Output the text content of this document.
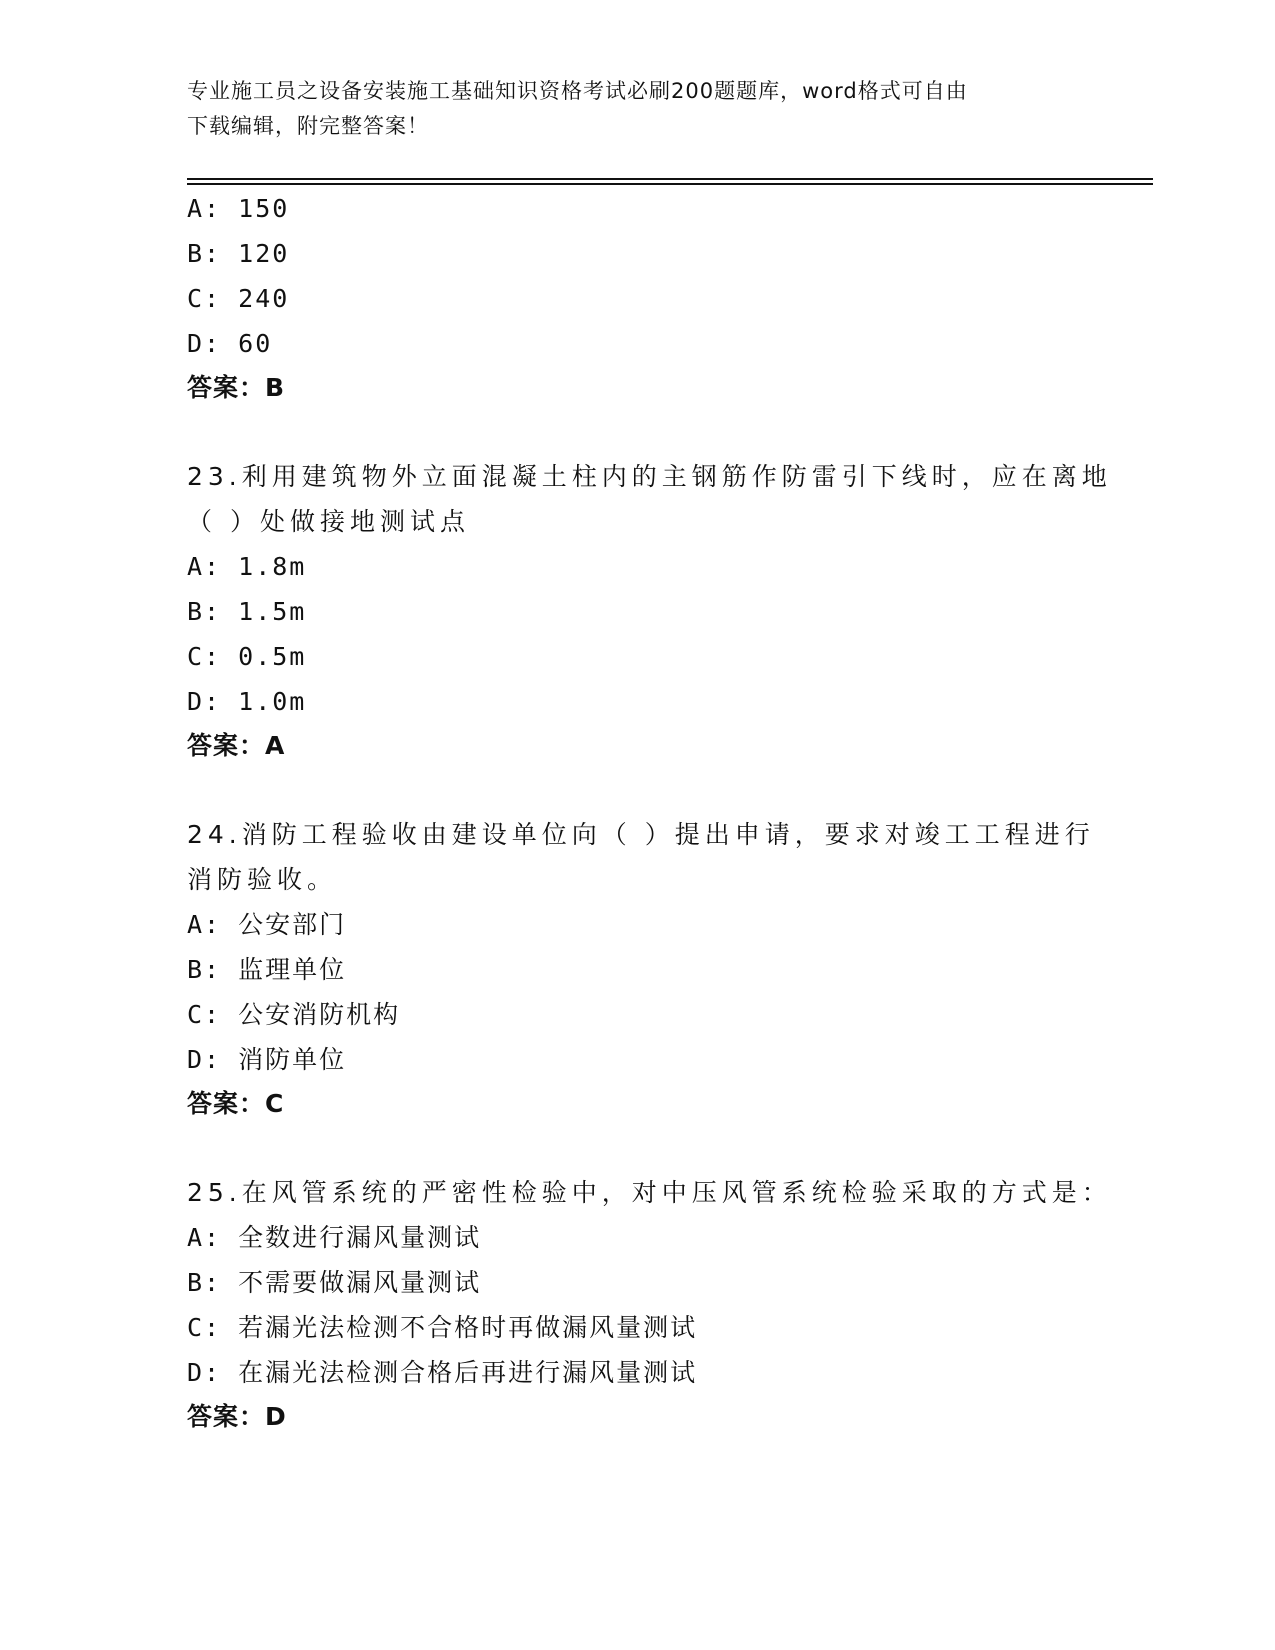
专业施工员之设备安装施工基础知识资格考试必刷200题题库，word格式可自由
下载编辑，附完整答案！
A: 150
B: 120
C: 240
D: 60
答案：B
23.利用建筑物外立面混凝土柱内的主钢筋作防雷引下线时，应在离地
（ ）处做接地测试点
A: 1.8m
B: 1.5m
C: 0.5m
D: 1.0m
答案：A
24.消防工程验收由建设单位向（ ）提出申请，要求对竣工工程进行
消防验收。
A: 公安部门
B: 监理单位
C: 公安消防机构
D: 消防单位
答案：C
25.在风管系统的严密性检验中，对中压风管系统检验采取的方式是：
A: 全数进行漏风量测试
B: 不需要做漏风量测试
C: 若漏光法检测不合格时再做漏风量测试
D: 在漏光法检测合格后再进行漏风量测试
答案：D
